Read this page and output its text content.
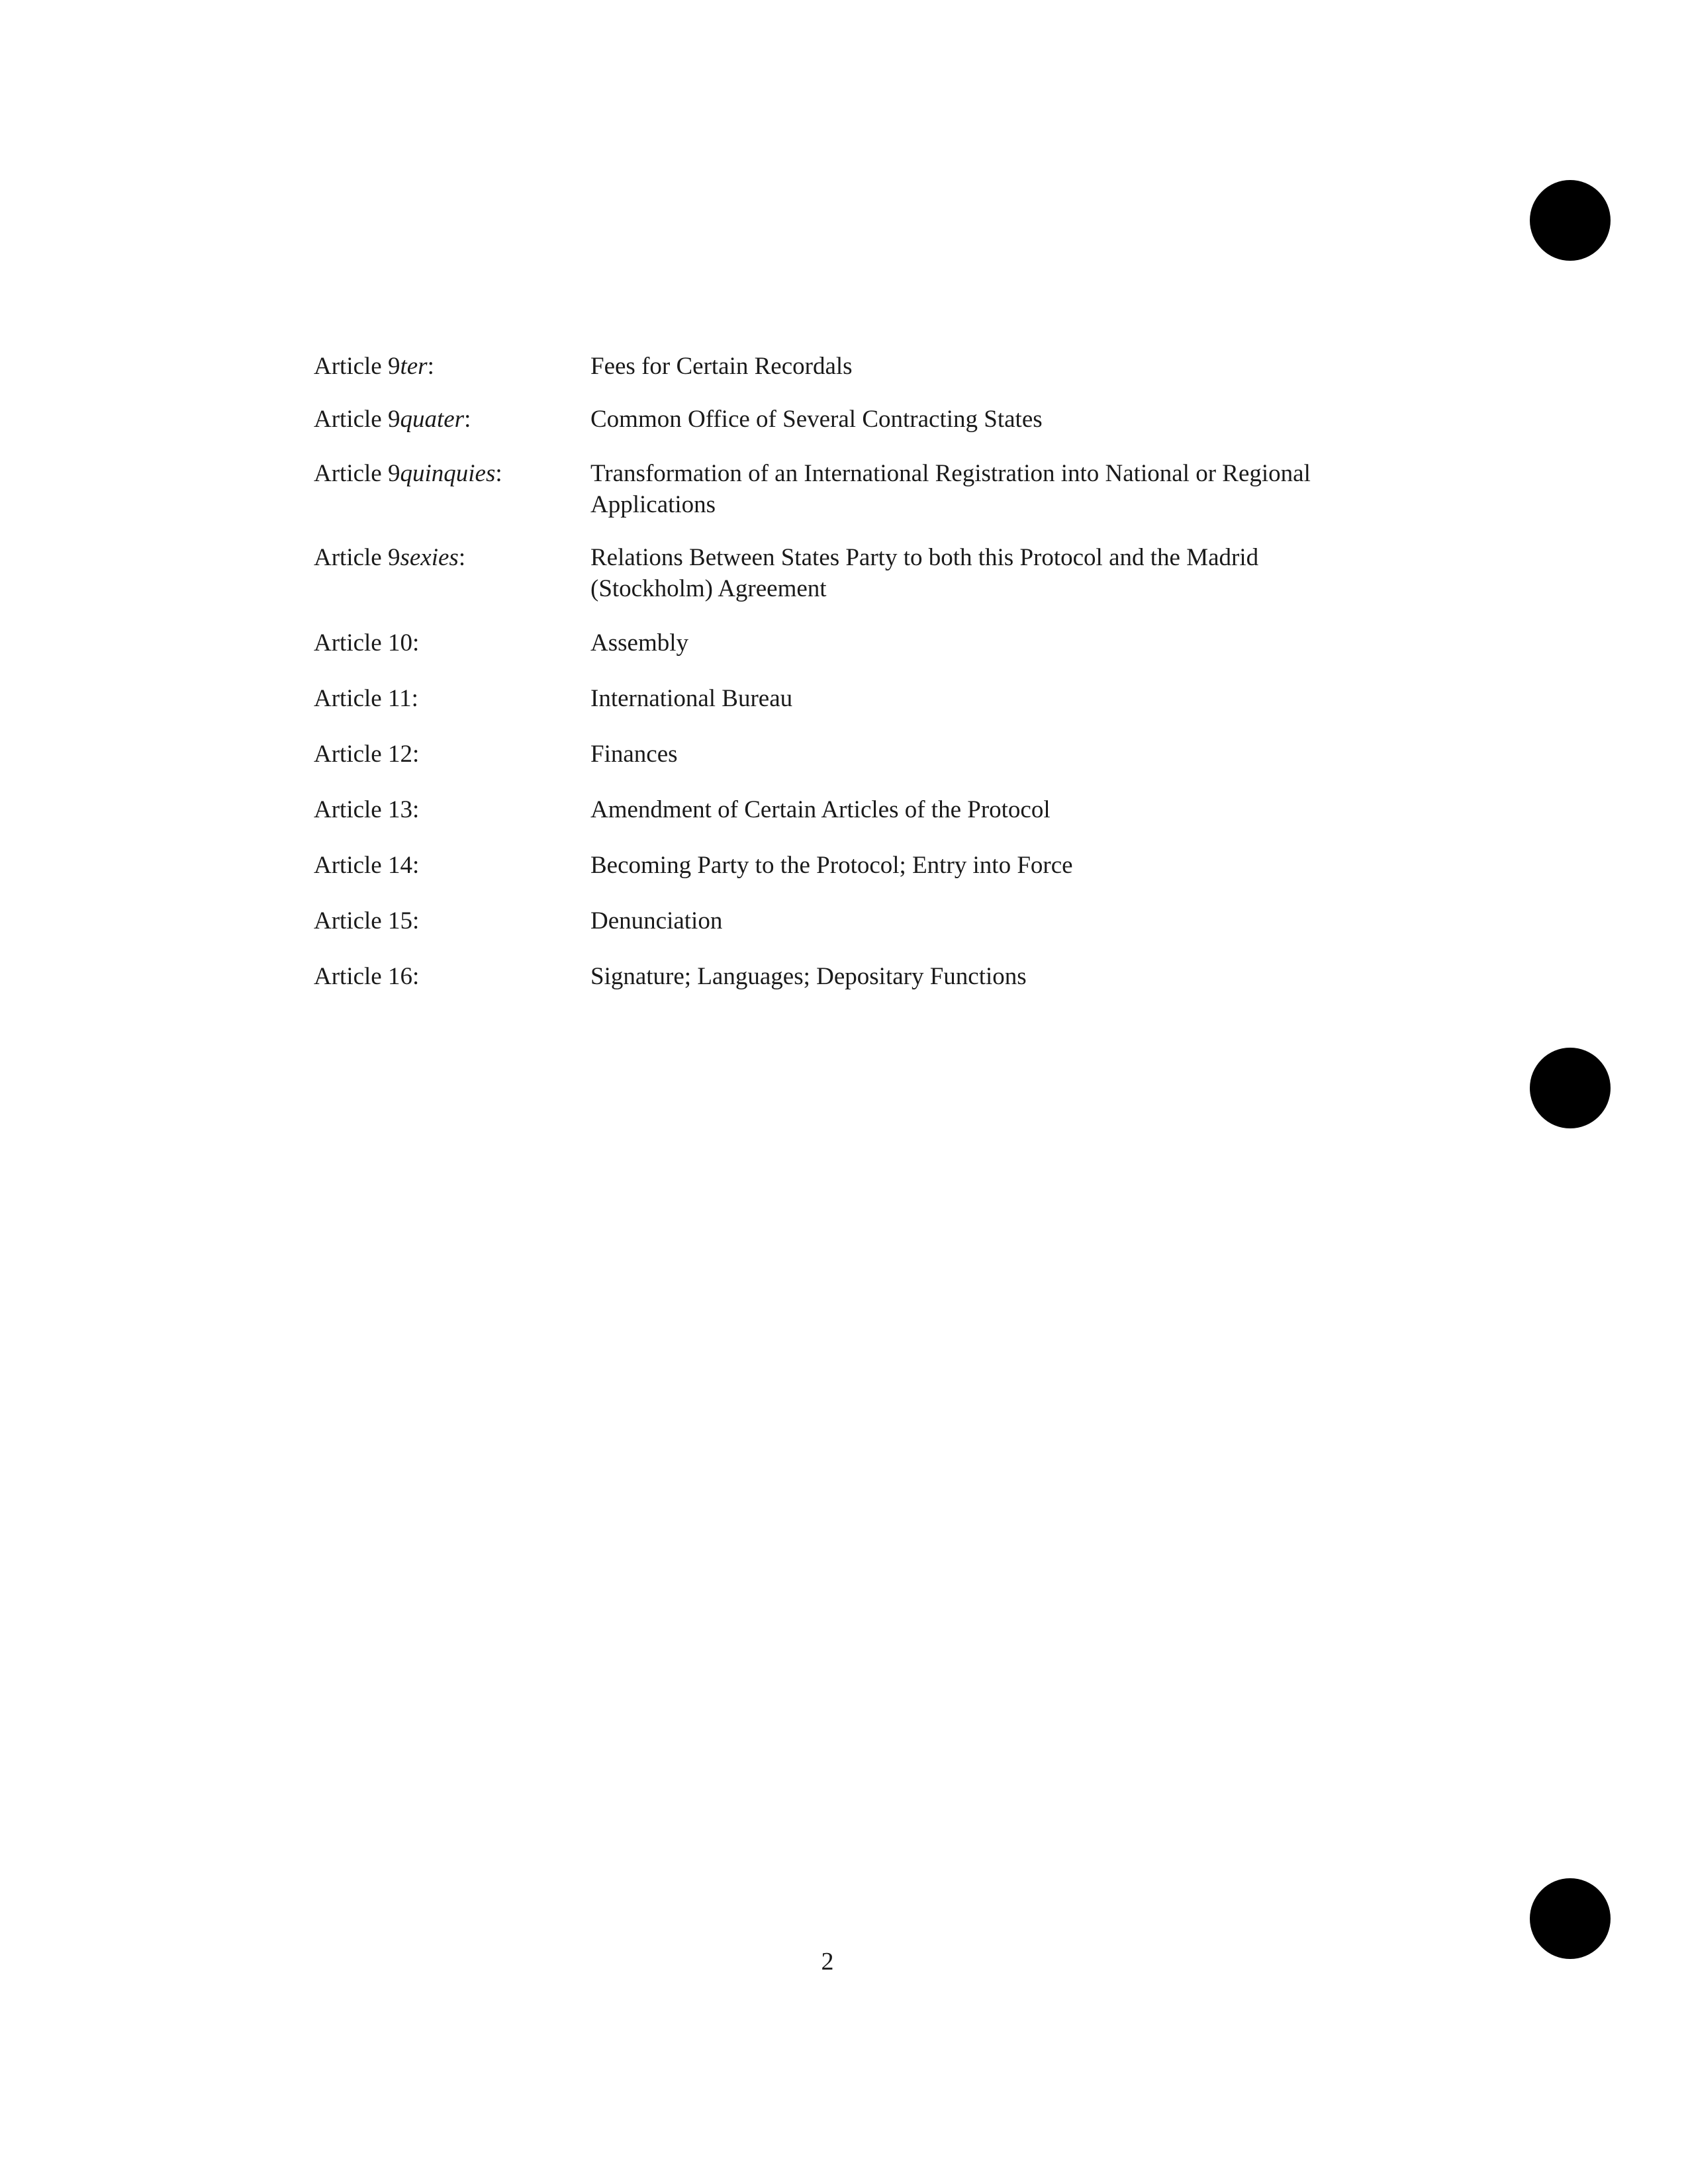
Article 9ter:	Fees for Certain Recordals
Article 9quater:	Common Office of Several Contracting States
Article 9quinquies:	Transformation of an International Registration into National or Regional Applications
Article 9sexies:	Relations Between States Party to both this Protocol and the Madrid (Stockholm) Agreement
Article 10:	Assembly
Article 11:	International Bureau
Article 12:	Finances
Article 13:	Amendment of Certain Articles of the Protocol
Article 14:	Becoming Party to the Protocol; Entry into Force
Article 15:	Denunciation
Article 16:	Signature; Languages; Depositary Functions
2
